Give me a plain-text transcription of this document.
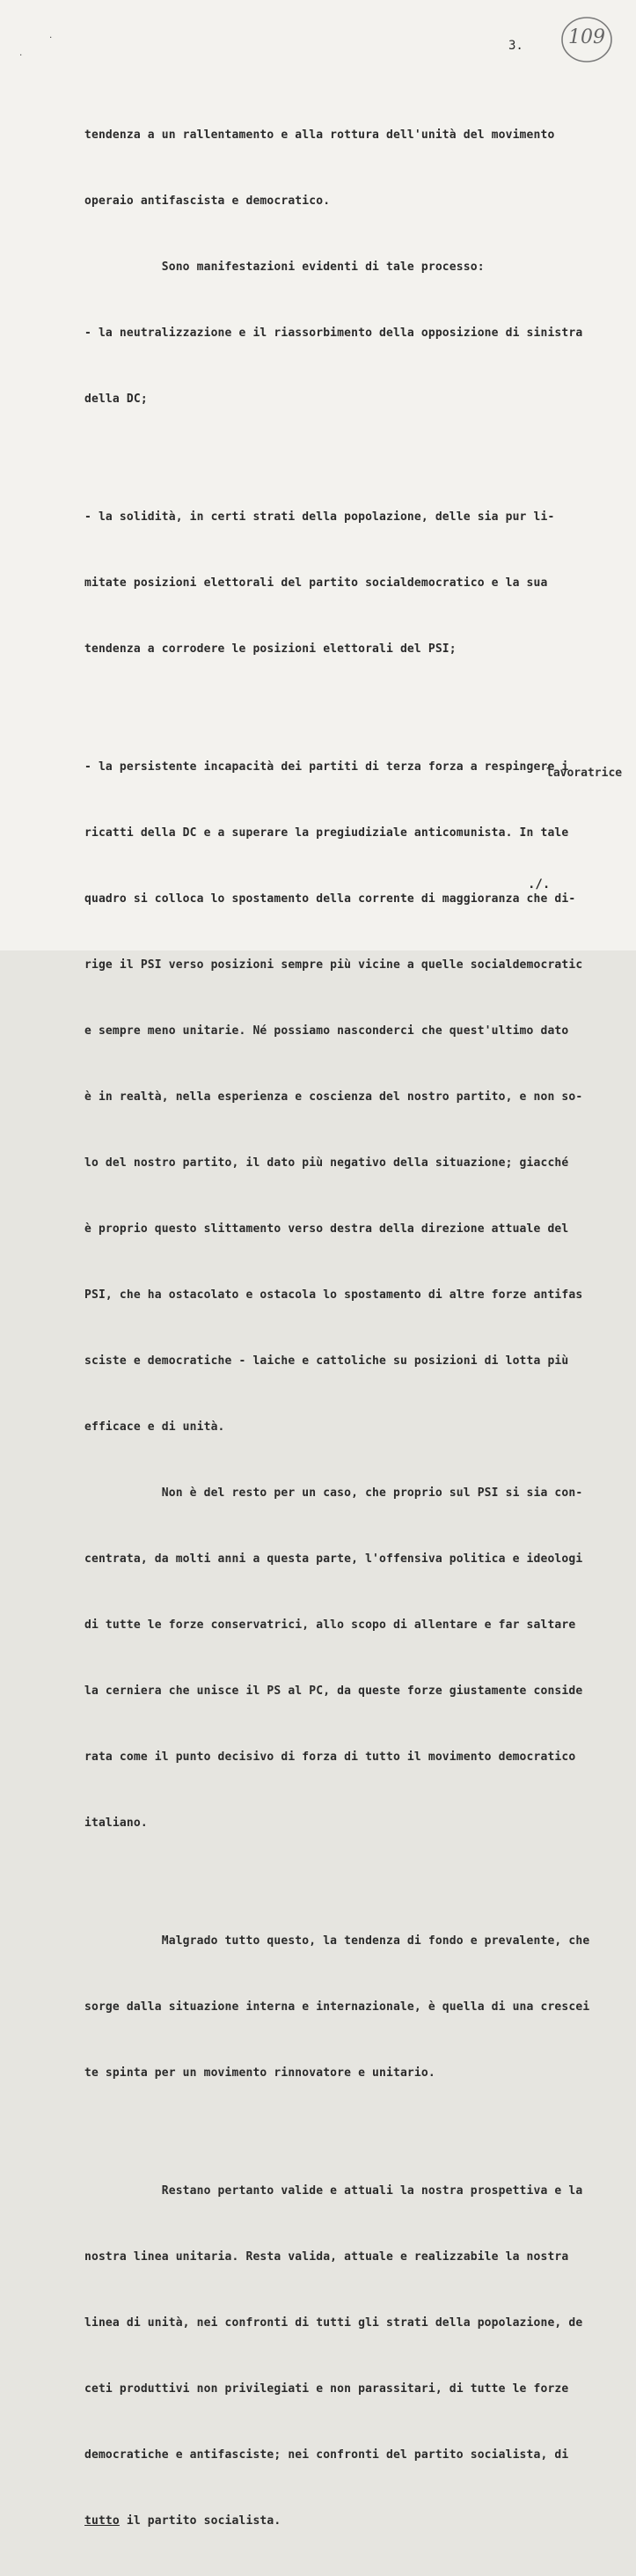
3.	109

tendenza a un rallentamento e alla rottura dell'unità del movimento

operaio antifascista e democratico.

Sono manifestazioni evidenti di tale processo:

- la neutralizzazione e il riassorbimento della opposizione di sinistra

della DC;

- la solidità, in certi strati della popolazione, delle sia pur li-

mitate posizioni elettorali del partito socialdemocratico e la sua

tendenza a corrodere le posizioni elettorali del PSI;

- la persistente incapacità dei partiti di terza forza a respingere i

ricatti della DC e a superare la pregiudiziale anticomunista. In tale

quadro si colloca lo spostamento della corrente di maggioranza che di-

rige il PSI verso posizioni sempre più vicine a quelle socialdemocratic

e sempre meno unitarie. Né possiamo nasconderci che quest'ultimo dato

è in realtà, nella esperienza e coscienza del nostro partito, e non so-

lo del nostro partito, il dato più negativo della situazione; giacché

è proprio questo slittamento verso destra della direzione attuale del

PSI, che ha ostacolato e ostacola lo spostamento di altre forze antifas

sciste e democratiche - laiche e cattoliche su posizioni di lotta più

efficace e di unità.

Non è del resto per un caso, che proprio sul PSI si sia con-

centrata, da molti anni a questa parte, l'offensiva politica e ideologi

di tutte le forze conservatrici, allo scopo di allentare e far saltare

la cerniera che unisce il PS al PC, da queste forze giustamente conside

rata come il punto decisivo di forza di tutto il movimento democratico

italiano.

Malgrado tutto questo, la tendenza di fondo e prevalente, che

sorge dalla situazione interna e internazionale, è quella di una crescei

te spinta per un movimento rinnovatore e unitario.

Restano pertanto valide e attuali la nostra prospettiva e la

nostra linea unitaria. Resta valida, attuale e realizzabile la nostra

linea di unità, nei confronti di tutti gli strati della popolazione, de

ceti produttivi non privilegiati e non parassitari, di tutte le forze

democratiche e antifasciste; nei confronti del partito socialista, di

tutto il partito socialista.

lavoratrice
./.
˙
˙
